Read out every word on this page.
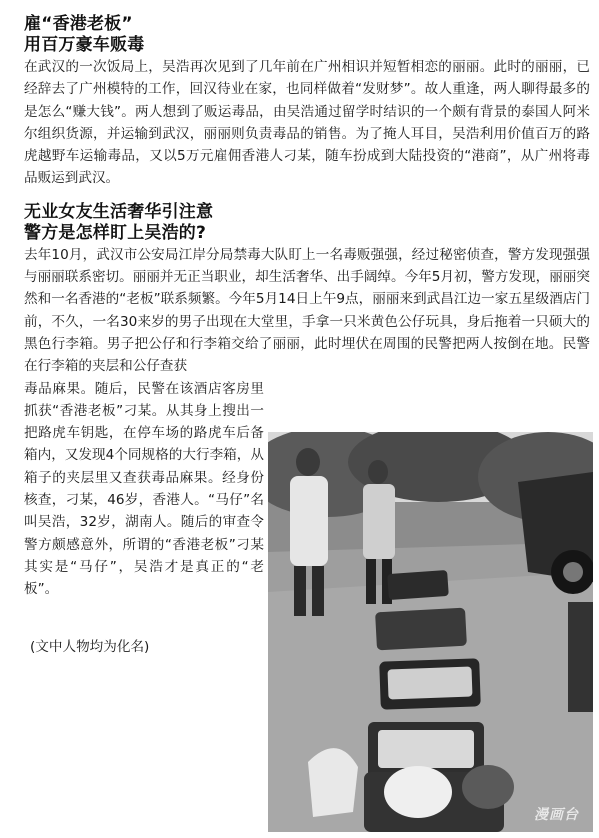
雇“香港老板”
用百万豪车贩毒

在武汉的一次饭局上，吴浩再次见到了几年前在广州相识并短暂相恋的丽丽。此时的丽丽，已经辞去了广州模特的工作，回汉待业在家，也同样做着“发财梦”。故人重逢，两人聊得最多的是怎么“赚大钱”。两人想到了贩运毒品，由吴浩通过留学时结识的一个颇有背景的泰国人阿米尔组织货源，并运输到武汉，丽丽则负责毒品的销售。为了掩人耳目，吴浩利用价值百万的路虎越野车运输毒品，又以5万元雇佣香港人刁某，随车扮成到大陆投资的“港商”，从广州将毒品贩运到武汉。

无业女友生活奢华引注意
警方是怎样盯上吴浩的?

去年10月，武汉市公安局江岸分局禁毒大队盯上一名毒贩强强，经过秘密侦查，警方发现强强与丽丽联系密切。丽丽并无正当职业，却生活奢华、出手阔绰。今年5月初，警方发现，丽丽突然和一名香港的“老板”联系频繁。今年5月14日上午9点，丽丽来到武昌江边一家五星级酒店门前，不久，一名30来岁的男子出现在大堂里，手拿一只米黄色公仔玩具，身后拖着一只硕大的黑色行李箱。男子把公仔和行李箱交给了丽丽，此时埋伏在周围的民警把两人按倒在地。民警在行李箱的夹层和公仔查获

毒品麻果。随后，民警在该酒店客房里抓获“香港老板”刁某。从其身上搜出一把路虎车钥匙，在停车场的路虎车后备箱内，又发现4个同规格的大行李箱，从箱子的夹层里又查获毒品麻果。经身份核查，刁某，46岁，香港人。“马仔”名叫吴浩，32岁，湖南人。随后的审查令警方颇感意外，所谓的“香港老板”刁某其实是“马仔”，吴浩才是真正的“老板”。

(文中人物均为化名)
漫画台
